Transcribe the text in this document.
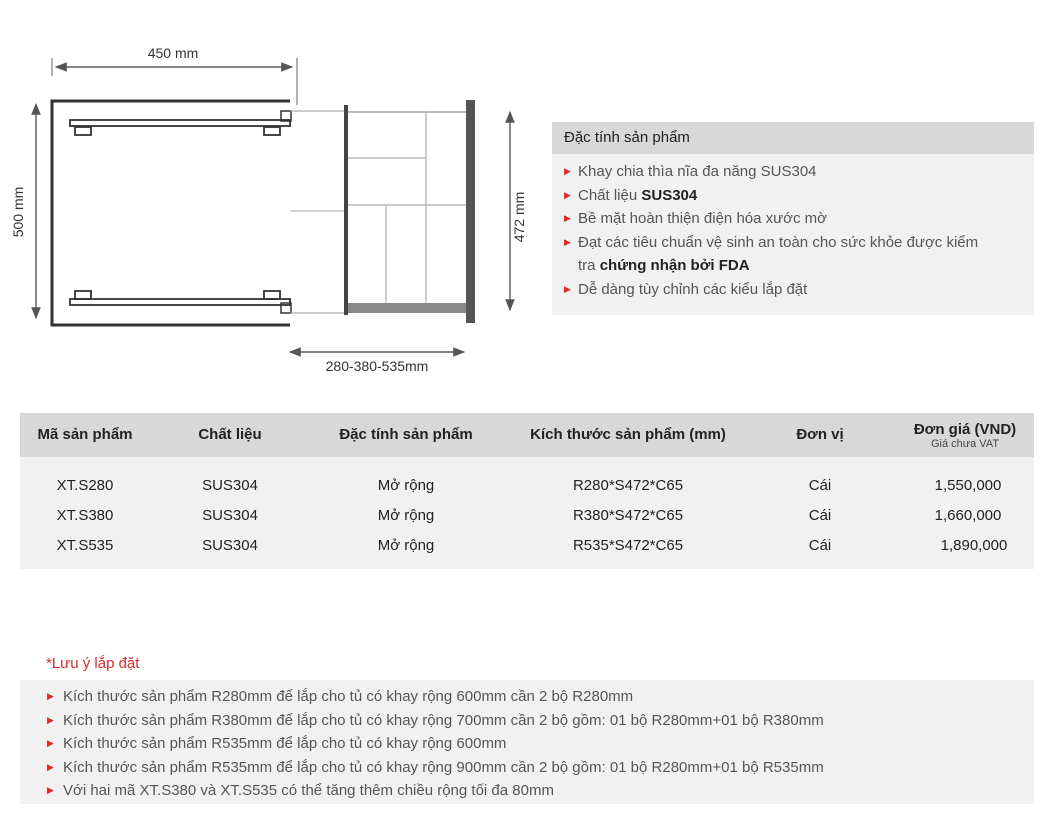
450 mm
500 mm	472 mm
280-380-535mm
Đặc tính sản phẩm
▶ Khay chia thìa nĩa đa năng SUS304
▶ Chất liệu SUS304
▶ Bề mặt hoàn thiện điện hóa xước mờ
▶ Đạt các tiêu chuẩn vệ sinh an toàn cho sức khỏe được kiểm
tra chứng nhận bởi FDA
▶ Dễ dàng tùy chỉnh các kiểu lắp đặt
Mã sản phẩm	Chất liệu	Đặc tính sản phẩm	Kích thước sản phẩm (mm)	Đơn vị	Đơn giá (VND)
Giá chưa VAT
XT.S280	SUS304	Mở rộng	R280*S472*C65	Cái	1,550,000
XT.S380	SUS304	Mở rộng	R380*S472*C65	Cái	1,660,000
XT.S535	SUS304	Mở rộng	R535*S472*C65	Cái	1,890,000
*Lưu ý lắp đặt
▶ Kích thước sản phẩm R280mm để lắp cho tủ có khay rộng 600mm cần 2 bộ R280mm
▶ Kích thước sản phẩm R380mm để lắp cho tủ có khay rộng 700mm cần 2 bộ gồm: 01 bộ R280mm+01 bộ R380mm
▶ Kích thước sản phẩm R535mm để lắp cho tủ có khay rộng 600mm
▶ Kích thước sản phẩm R535mm để lắp cho tủ có khay rộng 900mm cần 2 bộ gồm: 01 bộ R280mm+01 bộ R535mm
▶ Với hai mã XT.S380 và XT.S535 có thể tăng thêm chiều rộng tối đa 80mm
